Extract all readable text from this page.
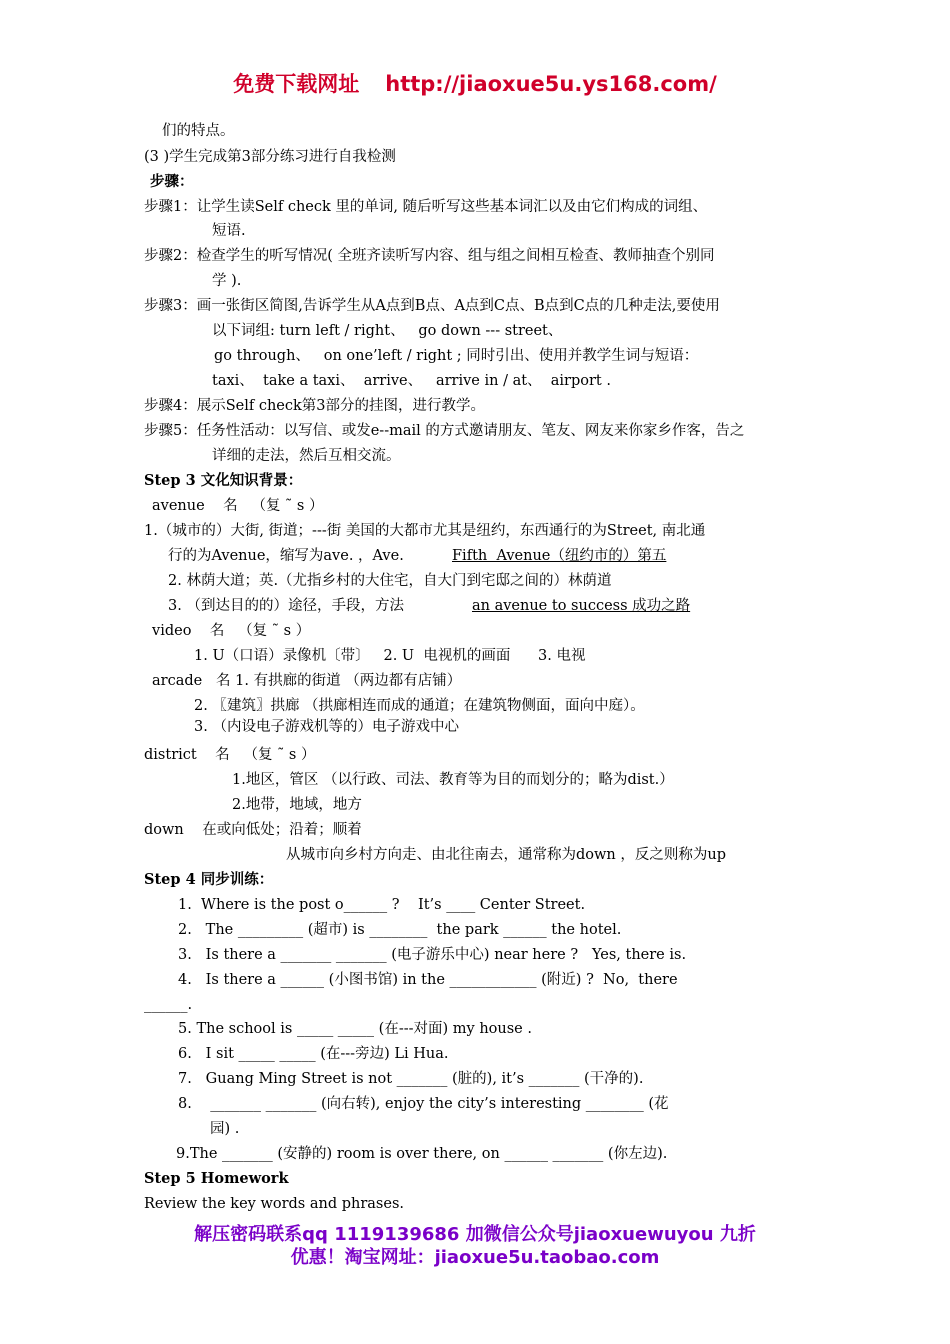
免费下载网址 http://jiaoxue5u.ys168.com/
们的特点。
(3 )学生完成第3部分练习进行自我检测
步骤：
步骤1：让学生读Self check 里的单词, 随后听写这些基本词汇以及由它们构成的词组、
短语.
步骤2：检查学生的听写情况( 全班齐读听写内容、组与组之间相互检查、教师抽查个别同
学 ).
步骤3：画一张街区简图,告诉学生从A点到B点、A点到C点、B点到C点的几种走法,要使用
以下词组: turn left / right、   go down --- street、
go through、   on one’left / right ; 同时引出、使用并教学生词与短语：
taxi、  take a taxi、  arrive、   arrive in / at、  airport .
步骤4：展示Self check第3部分的挂图，进行教学。
步骤5：任务性活动：以写信、或发e--mail 的方式邀请朋友、笔友、网友来你家乡作客，告之
详细的走法，然后互相交流。
Step 3 文化知识背景：
avenue    名   （复 ˜ s ）
1.（城市的）大街, 街道；---街 美国的大都市尤其是纽约，东西通行的为Street, 南北通
行的为Avenue，缩写为ave. ，Ave.	Fifth  Avenue（纽约市的）第五
2. 林荫大道；英.（尤指乡村的大住宅，自大门到宅邸之间的）林荫道
3. （到达目的的）途径，手段，方法	an avenue to success 成功之路
video    名   （复 ˜ s ）
1. U（口语）录像机〔带〕   2. U  电视机的画面      3. 电视
arcade   名 1. 有拱廊的街道 （两边都有店铺）
2. 〖建筑〗拱廊 （拱廊相连而成的通道；在建筑物侧面，面向中庭）。
3. （内设电子游戏机等的）电子游戏中心
district    名   （复 ˜ s ）
1.地区，管区 （以行政、司法、教育等为目的而划分的；略为dist.）
2.地带，地域，地方
down    在或向低处；沿着；顺着
从城市向乡村方向走、由北往南去，通常称为down ，反之则称为up
Step 4 同步训练：
1.  Where is the post o______ ?    It’s ____ Center Street.
2.   The _________ (超市) is ________  the park ______ the hotel.
3.   Is there a _______ _______ (电子游乐中心) near here ?   Yes, there is.
4.   Is there a ______ (小图书馆) in the ____________ (附近) ?  No,  there
______.
5. The school is _____ _____ (在---对面) my house .
6.   I sit _____ _____ (在---旁边) Li Hua.
7.   Guang Ming Street is not _______ (脏的), it’s _______ (干净的).
8.    _______ _______ (向右转), enjoy the city’s interesting ________ (花
园) .
9.The _______ (安静的) room is over there, on ______ _______ (你左边).
Step 5 Homework
Review the key words and phrases.
解压密码联系qq 1119139686 加微信公众号jiaoxuewuyou 九折
优惠！淘宝网址：jiaoxue5u.taobao.com
